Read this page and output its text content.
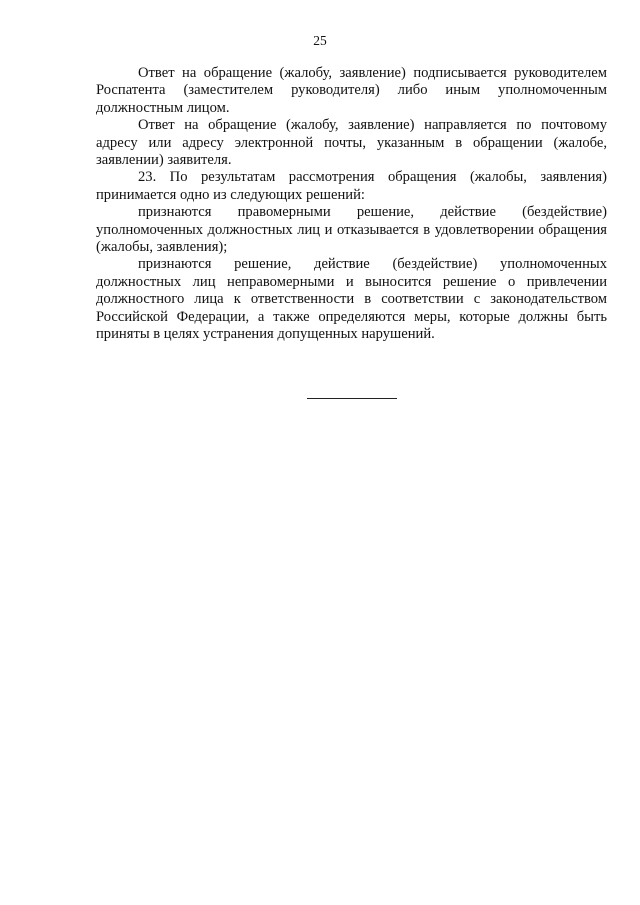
25

Ответ на обращение (жалобу, заявление) подписывается руководителем Роспатента (заместителем руководителя) либо иным уполномоченным должностным лицом.

Ответ на обращение (жалобу, заявление) направляется по почтовому адресу или адресу электронной почты, указанным в обращении (жалобе, заявлении) заявителя.

23. По результатам рассмотрения обращения (жалобы, заявления) принимается одно из следующих решений:

признаются правомерными решение, действие (бездействие) уполномоченных должностных лиц и отказывается в удовлетворении обращения (жалобы, заявления);

признаются решение, действие (бездействие) уполномоченных должностных лиц неправомерными и выносится решение о привлечении должностного лица к ответственности в соответствии с законодательством Российской Федерации, а также определяются меры, которые должны быть приняты в целях устранения допущенных нарушений.
